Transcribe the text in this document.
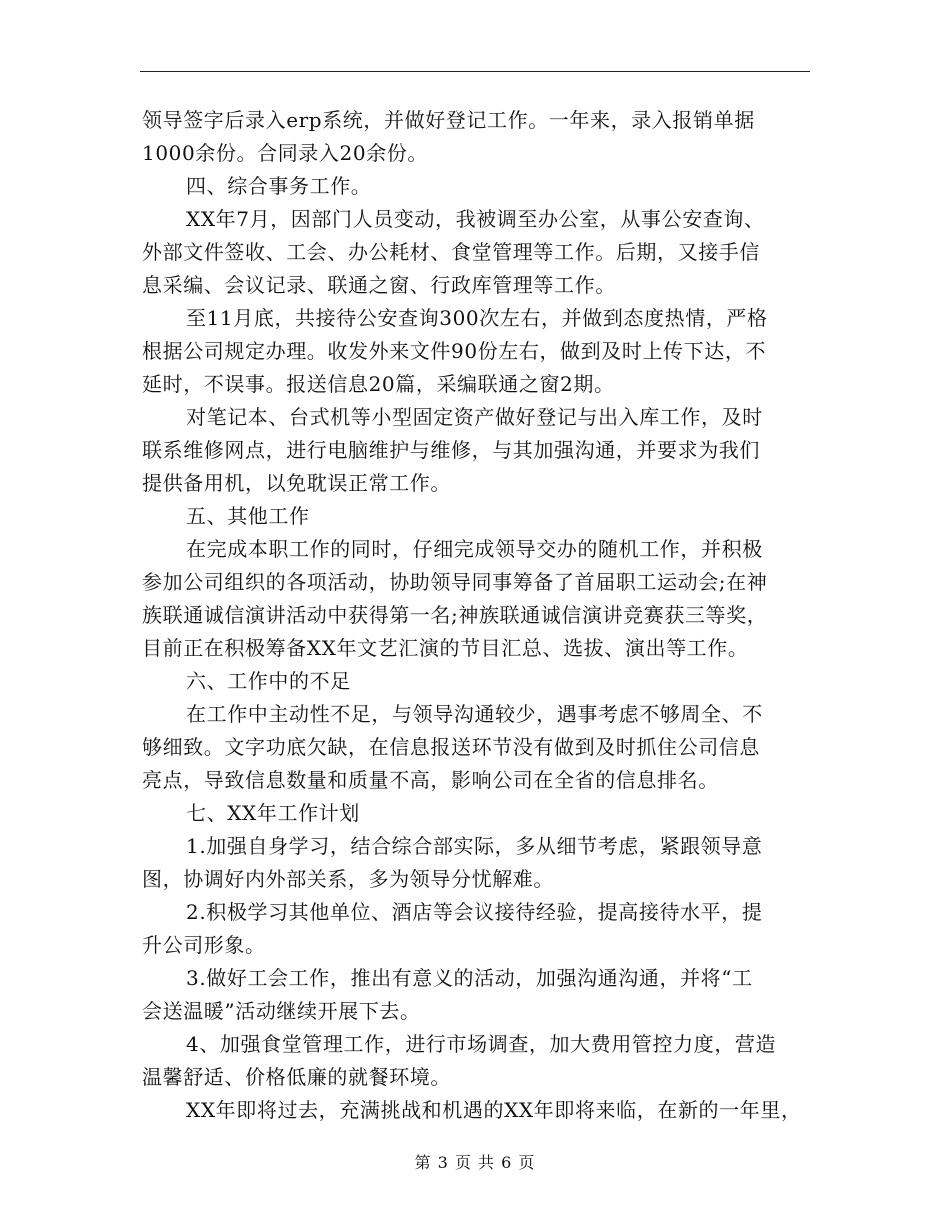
领导签字后录入erp系统，并做好登记工作。一年来，录入报销单据
1000余份。合同录入20余份。
四、综合事务工作。
XX年7月，因部门人员变动，我被调至办公室，从事公安查询、
外部文件签收、工会、办公耗材、食堂管理等工作。后期，又接手信
息采编、会议记录、联通之窗、行政库管理等工作。
至11月底，共接待公安查询300次左右，并做到态度热情，严格
根据公司规定办理。收发外来文件90份左右，做到及时上传下达，不
延时，不误事。报送信息20篇，采编联通之窗2期。
对笔记本、台式机等小型固定资产做好登记与出入库工作，及时
联系维修网点，进行电脑维护与维修，与其加强沟通，并要求为我们
提供备用机，以免耽误正常工作。
五、其他工作
在完成本职工作的同时，仔细完成领导交办的随机工作，并积极
参加公司组织的各项活动，协助领导同事筹备了首届职工运动会;在神
族联通诚信演讲活动中获得第一名;神族联通诚信演讲竞赛获三等奖，
目前正在积极筹备XX年文艺汇演的节目汇总、选拔、演出等工作。
六、工作中的不足
在工作中主动性不足，与领导沟通较少，遇事考虑不够周全、不
够细致。文字功底欠缺，在信息报送环节没有做到及时抓住公司信息
亮点，导致信息数量和质量不高，影响公司在全省的信息排名。
七、XX年工作计划
1.加强自身学习，结合综合部实际，多从细节考虑，紧跟领导意
图，协调好内外部关系，多为领导分忧解难。
2.积极学习其他单位、酒店等会议接待经验，提高接待水平，提
升公司形象。
3.做好工会工作，推出有意义的活动，加强沟通沟通，并将“工
会送温暖”活动继续开展下去。
4、加强食堂管理工作，进行市场调查，加大费用管控力度，营造
温馨舒适、价格低廉的就餐环境。
XX年即将过去，充满挑战和机遇的XX年即将来临，在新的一年里，
第 3 页 共 6 页
